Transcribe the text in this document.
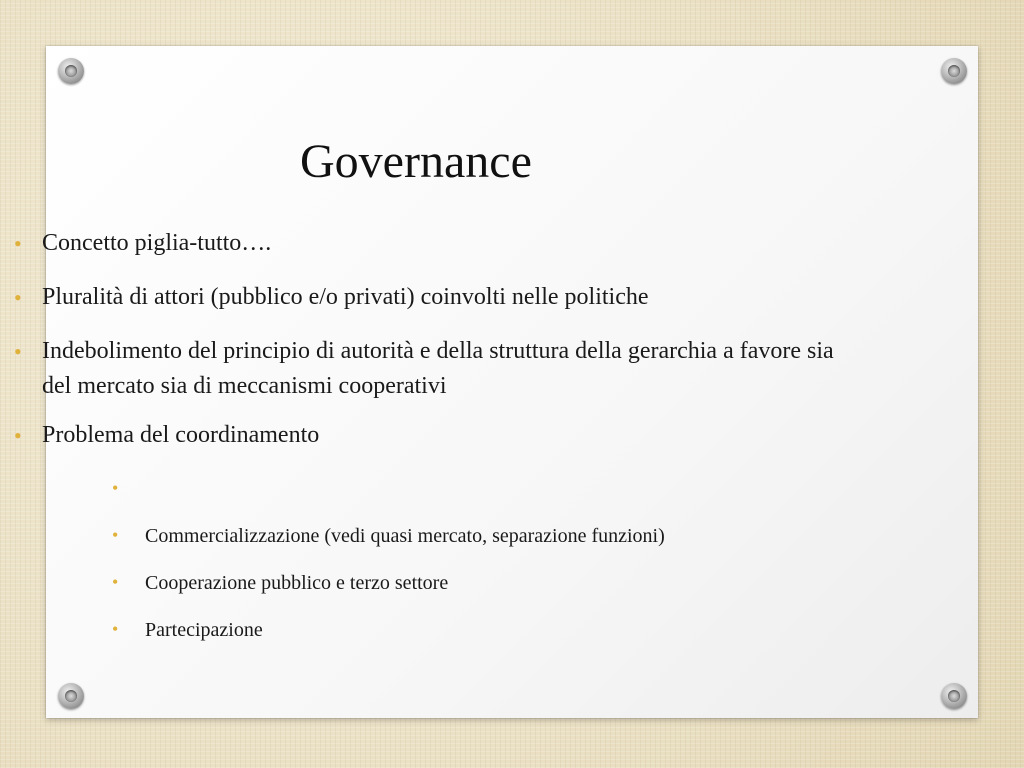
Governance
• Concetto piglia-tutto….
• Pluralità di attori (pubblico e/o privati) coinvolti nelle politiche
• Indebolimento del principio di autorità e della struttura della gerarchia a favore sia del mercato sia di meccanismi cooperativi
• Problema del coordinamento
•
• Commercializzazione (vedi quasi mercato, separazione funzioni)
• Cooperazione pubblico e terzo settore
• Partecipazione
